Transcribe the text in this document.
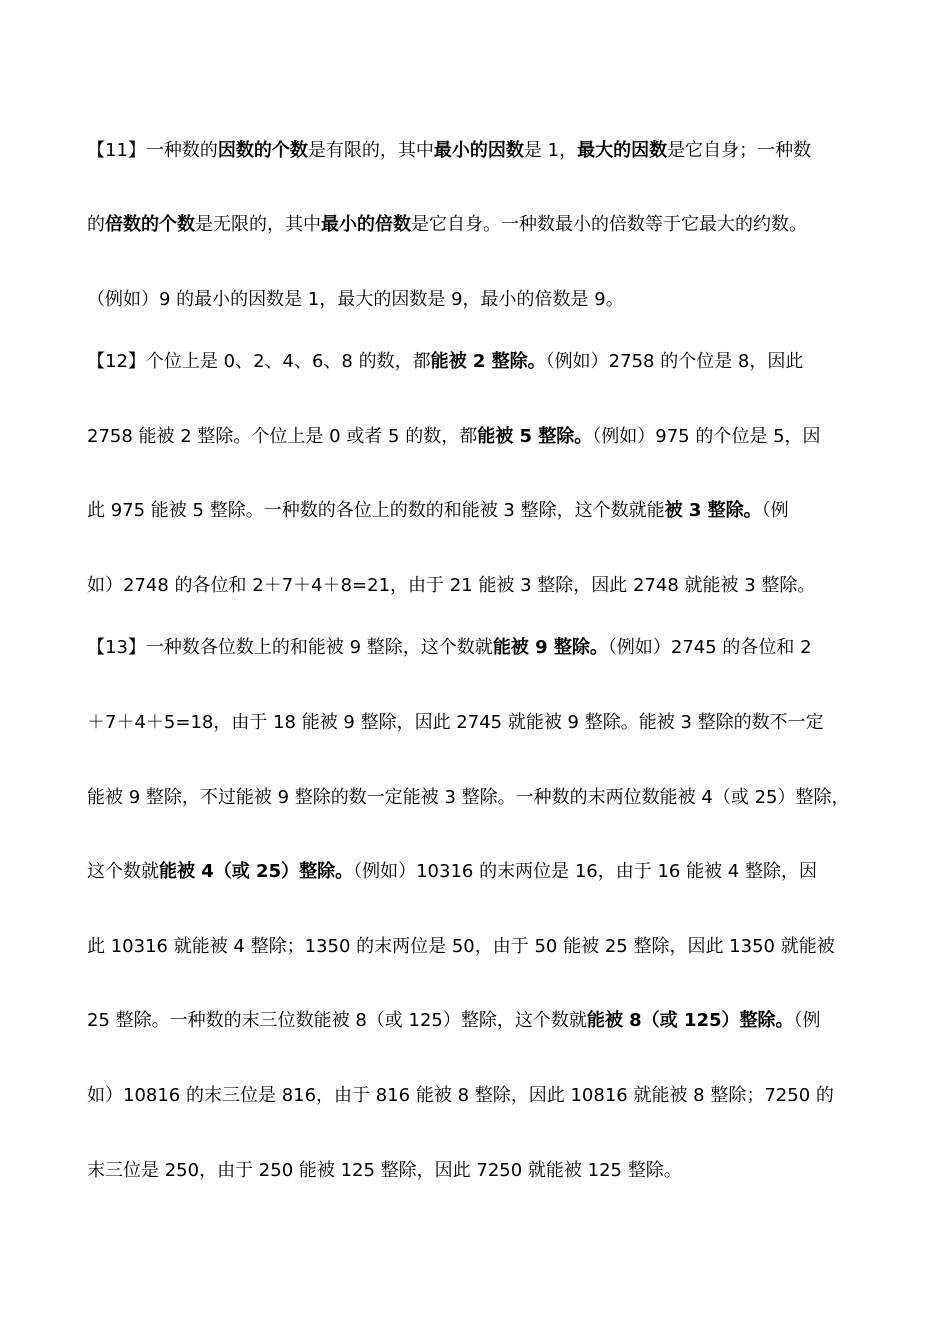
【11】一种数的因数的个数是有限的，其中最小的因数是 1，最大的因数是它自身；一种数
的倍数的个数是无限的，其中最小的倍数是它自身。一种数最小的倍数等于它最大的约数。
（例如）9 的最小的因数是 1，最大的因数是 9，最小的倍数是 9。
【12】个位上是 0、2、4、6、8 的数，都能被 2 整除。（例如）2758 的个位是 8，因此
2758 能被 2 整除。个位上是 0 或者 5 的数，都能被 5 整除。（例如）975 的个位是 5，因
此 975 能被 5 整除。一种数的各位上的数的和能被 3 整除，这个数就能被 3 整除。（例
如）2748 的各位和 2＋7＋4＋8=21，由于 21 能被 3 整除，因此 2748 就能被 3 整除。
【13】一种数各位数上的和能被 9 整除，这个数就能被 9 整除。（例如）2745 的各位和 2
＋7＋4＋5=18，由于 18 能被 9 整除，因此 2745 就能被 9 整除。能被 3 整除的数不一定
能被 9 整除，不过能被 9 整除的数一定能被 3 整除。一种数的末两位数能被 4（或 25）整除，
这个数就能被 4（或 25）整除。（例如）10316 的末两位是 16，由于 16 能被 4 整除，因
此 10316 就能被 4 整除；1350 的末两位是 50，由于 50 能被 25 整除，因此 1350 就能被
25 整除。一种数的末三位数能被 8（或 125）整除，这个数就能被 8（或 125）整除。（例
如）10816 的末三位是 816，由于 816 能被 8 整除，因此 10816 就能被 8 整除；7250 的
末三位是 250，由于 250 能被 125 整除，因此 7250 就能被 125 整除。
